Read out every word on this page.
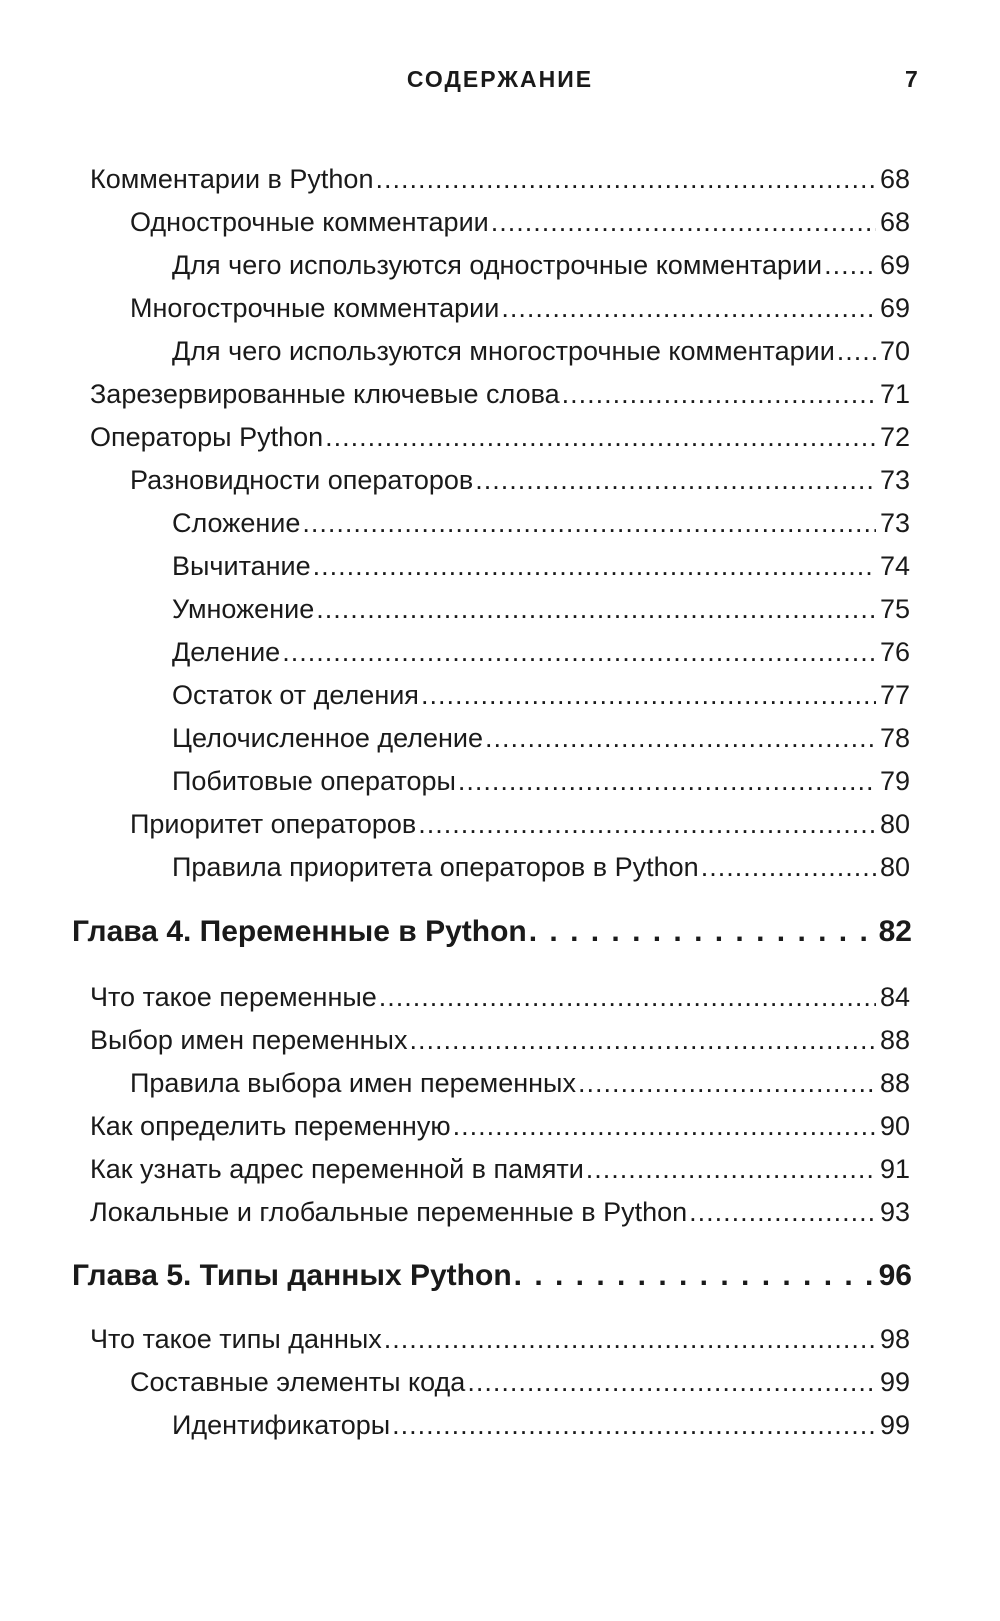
СОДЕРЖАНИЕ	7
Комментарии в Python .....	68
Однострочные комментарии .....	68
Для чего используются однострочные комментарии ..... 69
Многострочные комментарии .....	69
Для чего используются многострочные комментарии ..... 70
Зарезервированные ключевые слова .....	71
Операторы Python .....	72
Разновидности операторов .....	73
Сложение .....	73
Вычитание .....	74
Умножение .....	75
Деление .....	76
Остаток от деления .....	77
Целочисленное деление .....	78
Побитовые операторы .....	79
Приоритет операторов .....	80
Правила приоритета операторов в Python .....	80
Глава 4. Переменные в Python . . .	82
Что такое переменные .....	84
Выбор имен переменных .....	88
Правила выбора имен переменных .....	88
Как определить переменную .....	90
Как узнать адрес переменной в памяти .....	91
Локальные и глобальные переменные в Python .....	93
Глава 5. Типы данных Python . . .	96
Что такое типы данных .....	98
Составные элементы кода .....	99
Идентификаторы .....	99
